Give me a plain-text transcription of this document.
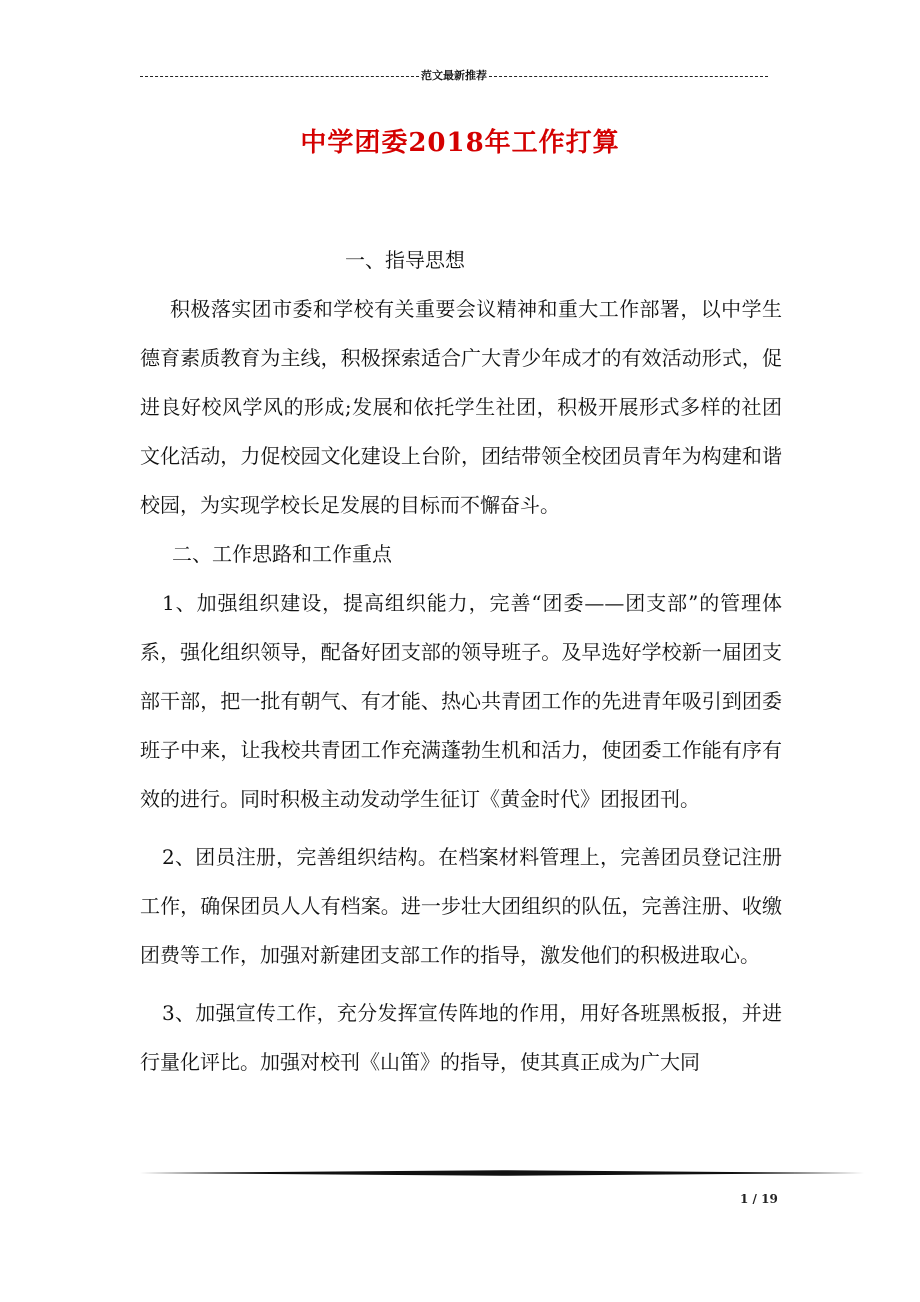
范文最新推荐
中学团委2018年工作打算

一、指导思想

积极落实团市委和学校有关重要会议精神和重大工作部署，以中学生德育素质教育为主线，积极探索适合广大青少年成才的有效活动形式，促进良好校风学风的形成;发展和依托学生社团，积极开展形式多样的社团文化活动，力促校园文化建设上台阶，团结带领全校团员青年为构建和谐校园，为实现学校长足发展的目标而不懈奋斗。

二、工作思路和工作重点

1、加强组织建设，提高组织能力，完善“团委——团支部”的管理体系，强化组织领导，配备好团支部的领导班子。及早选好学校新一届团支部干部，把一批有朝气、有才能、热心共青团工作的先进青年吸引到团委班子中来，让我校共青团工作充满蓬勃生机和活力，使团委工作能有序有效的进行。同时积极主动发动学生征订《黄金时代》团报团刊。

2、团员注册，完善组织结构。在档案材料管理上，完善团员登记注册工作，确保团员人人有档案。进一步壮大团组织的队伍，完善注册、收缴团费等工作，加强对新建团支部工作的指导，激发他们的积极进取心。

3、加强宣传工作，充分发挥宣传阵地的作用，用好各班黑板报，并进行量化评比。加强对校刊《山笛》的指导，使其真正成为广大同

1 / 19
